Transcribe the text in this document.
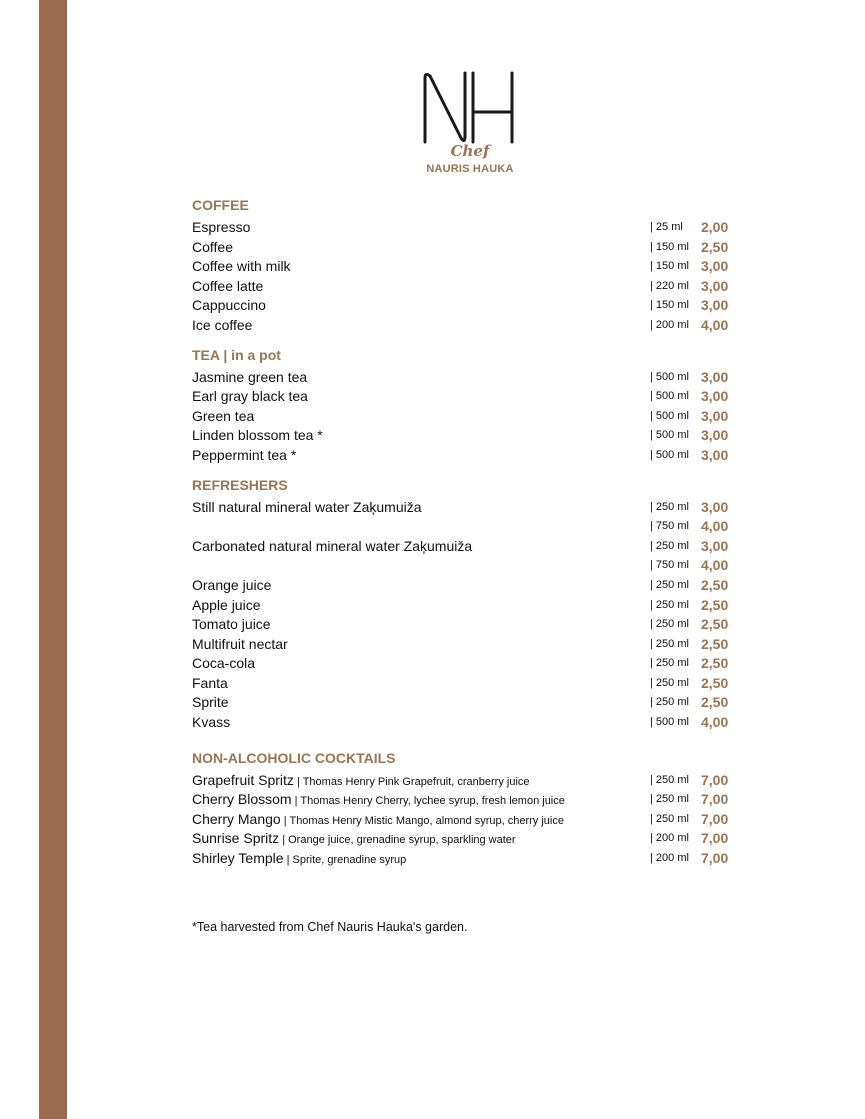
Chef
NAURIS HAUKA
COFFEE
Espresso	| 25 ml 2,00
Coffee	| 150 ml 2,50
Coffee with milk	| 150 ml 3,00
Coffee latte	| 220 ml 3,00
Cappuccino	| 150 ml 3,00
Ice coffee	| 200 ml 4,00
TEA | in a pot
Jasmine green tea	| 500 ml 3,00
Earl gray black tea	| 500 ml 3,00
Green tea	| 500 ml 3,00
Linden blossom tea *	| 500 ml 3,00
Peppermint tea *	| 500 ml 3,00
REFRESHERS
Still natural mineral water Zaķumuiža	| 250 ml 3,00
| 750 ml 4,00
Carbonated natural mineral water Zaķumuiža	| 250 ml 3,00
| 750 ml 4,00
Orange juice	| 250 ml 2,50
Apple juice	| 250 ml 2,50
Tomato juice	| 250 ml 2,50
Multifruit nectar	| 250 ml 2,50
Coca-cola	| 250 ml 2,50
Fanta	| 250 ml 2,50
Sprite	| 250 ml 2,50
Kvass	| 500 ml 4,00
NON-ALCOHOLIC COCKTAILS
Grapefruit Spritz | Thomas Henry Pink Grapefruit, cranberry juice	| 250 ml 7,00
Cherry Blossom | Thomas Henry Cherry, lychee syrup, fresh lemon juice	| 250 ml 7,00
Cherry Mango | Thomas Henry Mistic Mango, almond syrup, cherry juice	| 250 ml 7,00
Sunrise Spritz | Orange juice, grenadine syrup, sparkling water	| 200 ml 7,00
Shirley Temple | Sprite, grenadine syrup	| 200 ml 7,00
*Tea harvested from Chef Nauris Hauka's garden.
